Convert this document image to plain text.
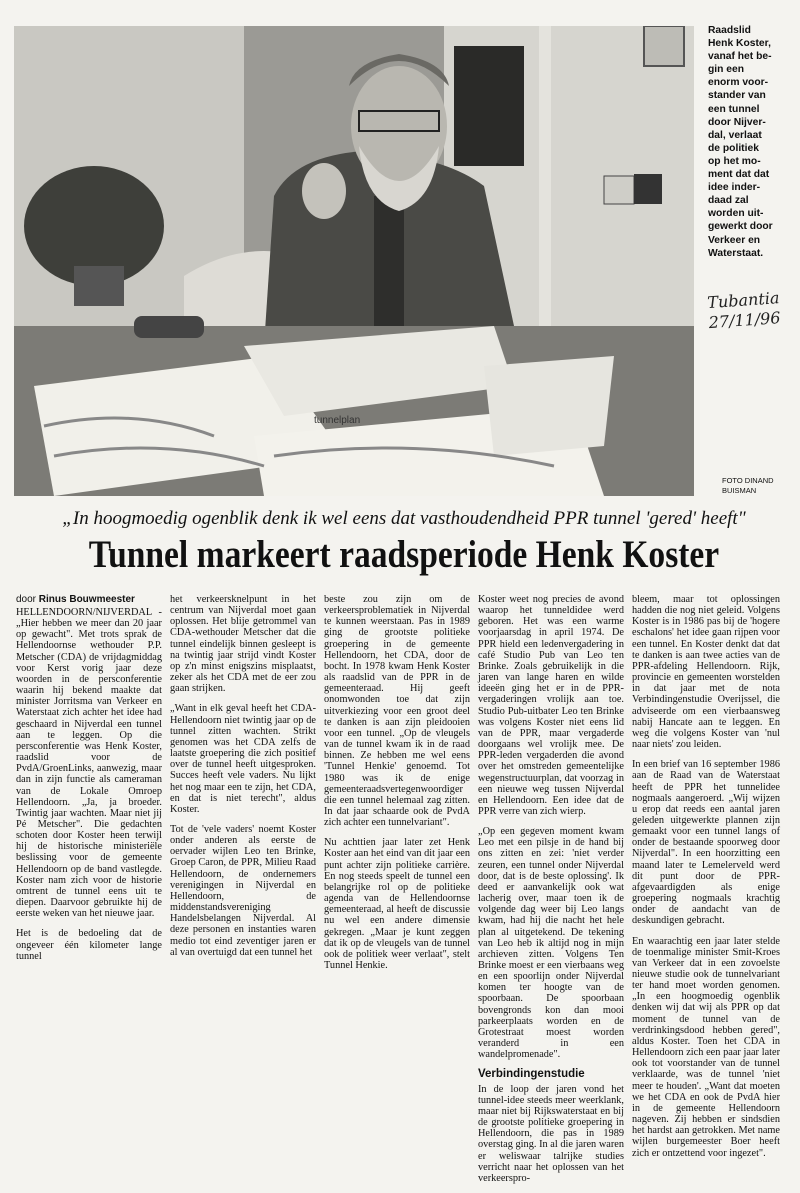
tunnelplan
Raadslid
Henk Koster,
vanaf het be-
gin een
enorm voor-
stander van
een tunnel
door Nijver-
dal, verlaat
de politiek
op het mo-
ment dat dat
idee inder-
daad zal
worden uit-
gewerkt door
Verkeer en
Waterstaat.
Tubantia
27/11/96
FOTO DINAND
BUISMAN
„In hoogmoedig ogenblik denk ik wel eens dat vasthoudendheid PPR tunnel 'gered' heeft"
Tunnel markeert raadsperiode Henk Koster
door Rinus Bouwmeester

HELLENDOORN/NIJVERDAL - „Hier hebben we meer dan 20 jaar op gewacht". Met trots sprak de Hellendoornse wethouder P.P. Metscher (CDA) de vrijdagmiddag voor Kerst vorig jaar deze woorden in de persconferentie waarin hij bekend maakte dat minister Jorritsma van Verkeer en Waterstaat zich achter het idee had geschaard in Nijverdal een tunnel aan te leggen. Op die persconferentie was Henk Koster, raadslid voor de PvdA/GroenLinks, aanwezig, maar dan in zijn functie als cameraman van de Lokale Omroep Hellendoorn. „Ja, ja broeder. Twintig jaar wachten. Maar niet jij Pé Metscher". Die gedachten schoten door Koster heen terwijl hij de historische ministeriële beslissing voor de gemeente Hellendoorn op de band vastlegde. Koster nam zich voor de historie omtrent de tunnel eens uit te diepen. Daarvoor gebruikte hij de eerste weken van het nieuwe jaar.

Het is de bedoeling dat de ongeveer één kilometer lange tunnel

het verkeersknelpunt in het centrum van Nijverdal moet gaan oplossen. Het blije getrommel van CDA-wethouder Metscher dat die tunnel eindelijk binnen gesleept is na twintig jaar strijd vindt Koster op z'n minst enigszins misplaatst, zeker als het CDA met de eer zou gaan strijken.

„Want in elk geval heeft het CDA-Hellendoorn niet twintig jaar op de tunnel zitten wachten. Strikt genomen was het CDA zelfs de laatste groepering die zich positief over de tunnel heeft uitgesproken. Succes heeft vele vaders. Nu lijkt het nog maar een te zijn, het CDA, en dat is niet terecht", aldus Koster.

Tot de 'vele vaders' noemt Koster onder anderen als eerste de oervader wijlen Leo ten Brinke, Groep Caron, de PPR, Milieu Raad Hellendoorn, de ondernemers verenigingen in Nijverdal en Hellendoorn, de middenstandsvereniging Handelsbelangen Nijverdal. Al deze personen en instanties waren medio tot eind zeventiger jaren er al van overtuigd dat een tunnel het

beste zou zijn om de verkeersproblematiek in Nijverdal te kunnen weerstaan. Pas in 1989 ging de grootste politieke groepering in de gemeente Hellendoorn, het CDA, door de bocht. In 1978 kwam Henk Koster als raadslid van de PPR in de gemeenteraad. Hij geeft onomwonden toe dat zijn uitverkiezing voor een groot deel te danken is aan zijn pleidooien voor een tunnel. „Op de vleugels van de tunnel kwam ik in de raad binnen. Ze hebben me wel eens 'Tunnel Henkie' genoemd. Tot 1980 was ik de enige gemeenteraadsvertegenwoordiger die een tunnel helemaal zag zitten. In dat jaar schaarde ook de PvdA zich achter een tunnelvariant".

Nu achttien jaar later zet Henk Koster aan het eind van dit jaar een punt achter zijn politieke carrière. En nog steeds speelt de tunnel een belangrijke rol op de politieke agenda van de Hellendoornse gemeenteraad, al heeft de discussie nu wel een andere dimensie gekregen. „Maar je kunt zeggen dat ik op de vleugels van de tunnel ook de politiek weer verlaat", stelt Tunnel Henkie.

Koster weet nog precies de avond waarop het tunneldidee werd geboren. Het was een warme voorjaarsdag in april 1974. De PPR hield een ledenvergadering in café Studio Pub van Leo ten Brinke. Zoals gebruikelijk in die jaren van lange haren en wilde ideeën ging het er in de PPR-vergaderingen vrolijk aan toe. Studio Pub-uitbater Leo ten Brinke was volgens Koster niet eens lid van de PPR, maar vergaderde doorgaans wel vrolijk mee. De PPR-leden vergaderden die avond over het omstreden gemeentelijke wegenstructuurplan, dat voorzag in een nieuwe weg tussen Nijverdal en Hellendoorn. Een idee dat de PPR verre van zich wierp.

„Op een gegeven moment kwam Leo met een pilsje in de hand bij ons zitten en zei: 'niet verder zeuren, een tunnel onder Nijverdal door, dat is de beste oplossing'. Ik deed er aanvankelijk ook wat lacherig over, maar toen ik de volgende dag weer bij Leo langs kwam, had hij die nacht het hele plan al uitgetekend. De tekening van Leo heb ik altijd nog in mijn archieven zitten. Volgens Ten Brinke moest er een vierbaans weg en een spoorlijn onder Nijverdal komen ter hoogte van de spoorbaan. De spoorbaan bovengronds kon dan mooi parkeerplaats worden en de Grotestraat moest worden veranderd in een wandelpromenade".

Verbindingenstudie

In de loop der jaren vond het tunnel-idee steeds meer weerklank, maar niet bij Rijkswaterstaat en bij de grootste politieke groepering in Hellendoorn, die pas in 1989 overstag ging. In al die jaren waren er weliswaar talrijke studies verricht naar het oplossen van het verkeerspro-

bleem, maar tot oplossingen hadden die nog niet geleid. Volgens Koster is in 1986 pas bij de 'hogere eschalons' het idee gaan rijpen voor een tunnel. En Koster denkt dat dat te danken is aan twee acties van de PPR-afdeling Hellendoorn. Rijk, provincie en gemeenten worstelden in dat jaar met de nota Verbindingenstudie Overijssel, die adviseerde om een vierbaansweg nabij Hancate aan te leggen. En weg die volgens Koster van 'nul naar niets' zou leiden.

In een brief van 16 september 1986 aan de Raad van de Waterstaat heeft de PPR het tunnelidee nogmaals aangeroerd. „Wij wijzen u erop dat reeds een aantal jaren geleden uitgewerkte plannen zijn gemaakt voor een tunnel langs of onder de bestaande spoorweg door Nijverdal". In een hoorzitting een maand later te Lemelerveld werd dit punt door de PPR-afgevaardigden als enige groepering nogmaals krachtig onder de aandacht van de deskundigen gebracht.

En waarachtig een jaar later stelde de toenmalige minister Smit-Kroes van Verkeer dat in een zovoelste nieuwe studie ook de tunnelvariant ter hand moet worden genomen. „In een hoogmoedig ogenblik denken wij dat wij als PPR op dat moment de tunnel van de verdrinkingsdood hebben gered", aldus Koster. Toen het CDA in Hellendoorn zich een paar jaar later ook tot voorstander van de tunnel verklaarde, was de tunnel 'niet meer te houden'. „Want dat moeten we het CDA en ook de PvdA hier in de gemeente Hellendoorn nageven. Zij hebben er sindsdien het hardst aan getrokken. Met name wijlen burgemeester Boer heeft zich er ontzettend voor ingezet".
